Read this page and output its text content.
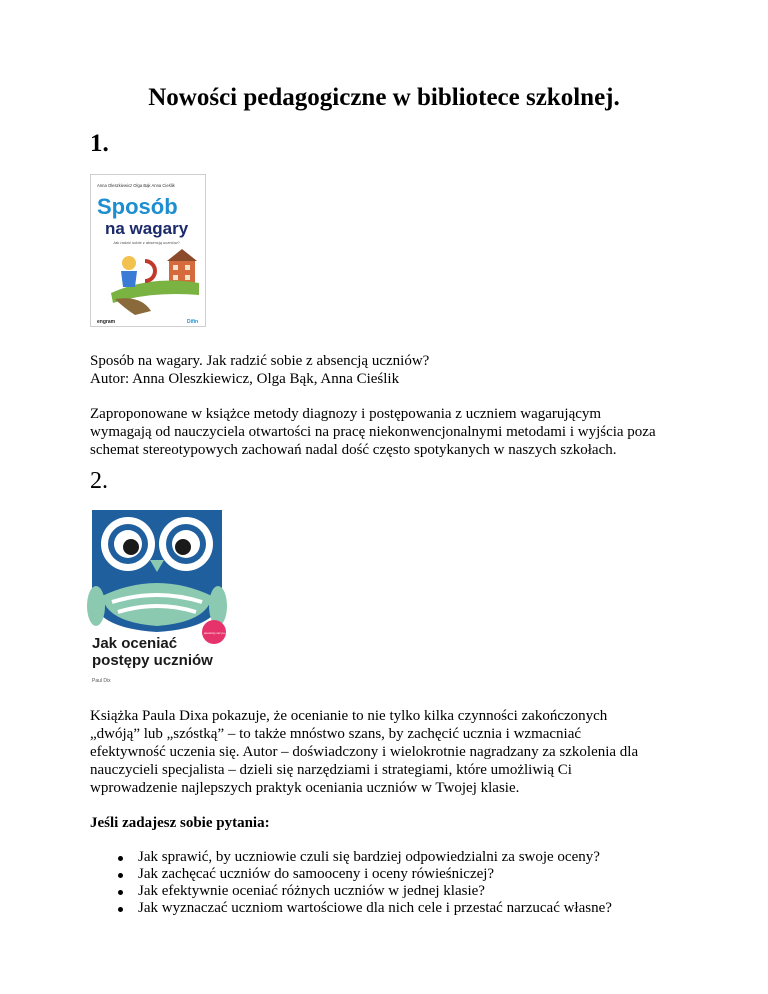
Nowości pedagogiczne w bibliotece szkolnej.
1.
Anna Oleszkiewicz Olga Bąk Anna Cieślik
Sposób
na wagary
Jak radzić sobie z absencją uczniów?
engram	Difin
Sposób na wagary. Jak radzić sobie z absencją uczniów?
Autor: Anna Oleszkiewicz, Olga Bąk, Anna Cieślik
Zaproponowane w książce metody diagnozy i postępowania z uczniem wagarującym
wymagają od nauczyciela otwartości na pracę niekonwencjonalnymi metodami i wyjścia poza
schemat stereotypowych zachowań nadal dość często spotykanych w naszych szkołach.
2.
pierwszy raz po polsku
Jak oceniać
postępy uczniów
Paul Dix
Książka Paula Dixa pokazuje, że ocenianie to nie tylko kilka czynności zakończonych
„dwóją” lub „szóstką” – to także mnóstwo szans, by zachęcić ucznia i wzmacniać
efektywność uczenia się. Autor – doświadczony i wielokrotnie nagradzany za szkolenia dla
nauczycieli specjalista – dzieli się narzędziami i strategiami, które umożliwią Ci
wprowadzenie najlepszych praktyk oceniania uczniów w Twojej klasie.
Jeśli zadajesz sobie pytania:
Jak sprawić, by uczniowie czuli się bardziej odpowiedzialni za swoje oceny?
Jak zachęcać uczniów do samooceny i oceny rówieśniczej?
Jak efektywnie oceniać różnych uczniów w jednej klasie?
Jak wyznaczać uczniom wartościowe dla nich cele i przestać narzucać własne?
